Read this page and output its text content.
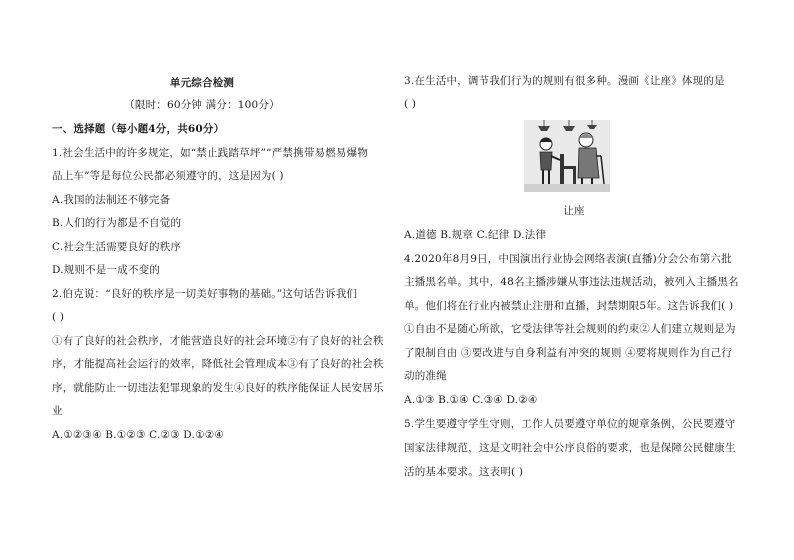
单元综合检测
（限时：60分钟 满分：100分）
一、选择题（每小题4分，共60分）
1.社会生活中的许多规定，如“禁止践踏草坪”“严禁携带易燃易爆物
品上车”等是每位公民都必须遵守的，这是因为( )
A.我国的法制还不够完备
B.人们的行为都是不自觉的
C.社会生活需要良好的秩序
D.规则不是一成不变的
2.伯克说：“良好的秩序是一切美好事物的基础。”这句话告诉我们
( )
①有了良好的社会秩序，才能营造良好的社会环境②有了良好的社会秩
序，才能提高社会运行的效率，降低社会管理成本③有了良好的社会秩
序，就能防止一切违法犯罪现象的发生④良好的秩序能保证人民安居乐
业
A.①②③④ B.①②③ C.②③ D.①②④
3.在生活中，调节我们行为的规则有很多种。漫画《让座》体现的是
( )
让座
A.道德 B.规章 C.纪律 D.法律
4.2020年8月9日，中国演出行业协会网络表演(直播)分会公布第六批
主播黑名单。其中，48名主播涉嫌从事违法违规活动，被列入主播黑名
单。他们将在行业内被禁止注册和直播，封禁期限5年。这告诉我们( )
①自由不是随心所欲，它受法律等社会规则的约束②人们建立规则是为
了限制自由 ③要改进与自身利益有冲突的规则 ④要将规则作为自己行
动的准绳
A.①③ B.①④ C.③④ D.②④
5.学生要遵守学生守则，工作人员要遵守单位的规章条例，公民要遵守
国家法律规范，这是文明社会中公序良俗的要求，也是保障公民健康生
活的基本要求。这表明( )
